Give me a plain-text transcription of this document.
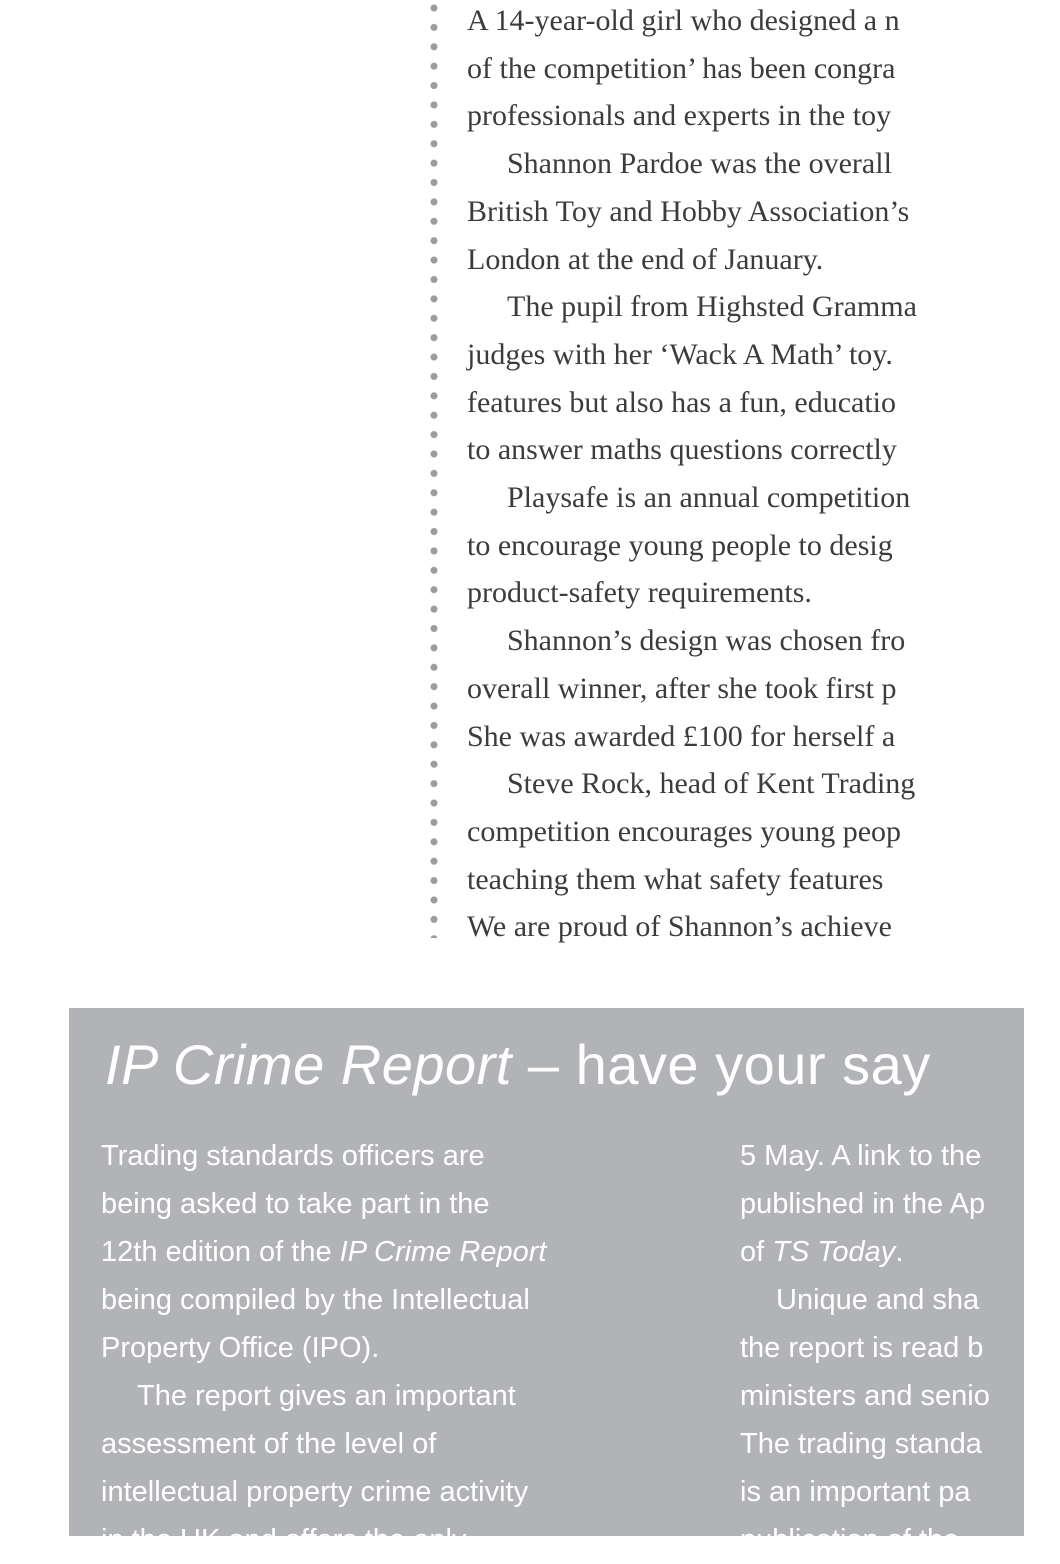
A 14-year-old girl who designed a n
of the competition’ has been congra
professionals and experts in the toy
Shannon Pardoe was the overall
British Toy and Hobby Association’s
London at the end of January.
The pupil from Highsted Gramma
judges with her ‘Wack A Math’ toy.
features but also has a fun, educatio
to answer maths questions correctly
Playsafe is an annual competition
to encourage young people to desig
product-safety requirements.
Shannon’s design was chosen fro
overall winner, after she took first p
She was awarded £100 for herself a
Steve Rock, head of Kent Trading
competition encourages young peop
teaching them what safety features
We are proud of Shannon’s achieve
IP Crime Report – have your say
Trading standards officers are
being asked to take part in the
12th edition of the IP Crime Report
being compiled by the Intellectual
Property Office (IPO).
The report gives an important
assessment of the level of
intellectual property crime activity
in the UK and offers the only
5 May. A link to the
published in the Ap
of TS Today.
Unique and sha
the report is read b
ministers and senio
The trading standa
is an important pa
publication of the
